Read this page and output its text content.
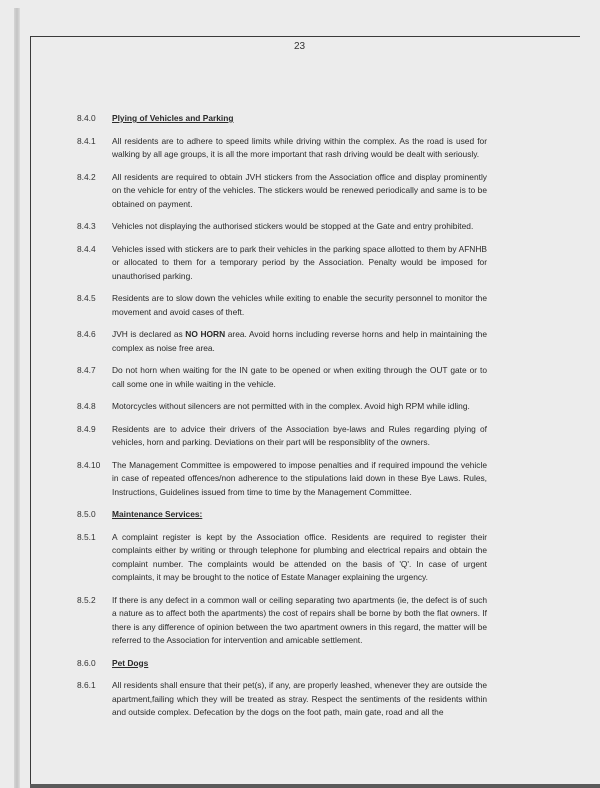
23
8.4.0	Plying of Vehicles and Parking
8.4.1	All residents are to adhere to speed limits while driving within the complex. As the road is used for walking by all age groups, it is all the more important that rash driving would be dealt with seriously.
8.4.2	All residents are required to obtain JVH stickers from the Association office and display prominently on the vehicle for entry of the vehicles. The stickers would be renewed periodically and same is to be obtained on payment.
8.4.3	Vehicles not displaying the authorised stickers would be stopped at the Gate and entry prohibited.
8.4.4	Vehicles issed with stickers are to park their vehicles in the parking space allotted to them by AFNHB or allocated to them for a temporary period by the Association. Penalty would be imposed for unauthorised parking.
8.4.5	Residents are to slow down the vehicles while exiting to enable the security personnel to monitor the movement and avoid cases of theft.
8.4.6	JVH is declared as NO HORN area. Avoid horns including reverse horns and help in maintaining the complex as noise free area.
8.4.7	Do not horn when waiting for the IN gate to be opened or when exiting through the OUT gate or to call some one in while waiting in the vehicle.
8.4.8	Motorcycles without silencers are not permitted with in the complex. Avoid high RPM while idling.
8.4.9	Residents are to advice their drivers of the Association bye-laws and Rules regarding plying of vehicles, horn and parking. Deviations on their part will be responsiblity of the owners.
8.4.10	The Management Committee is empowered to impose penalties and if required impound the vehicle in case of repeated offences/non adherence to the stipulations laid down in these Bye Laws. Rules, Instructions, Guidelines issued from time to time by the Management Committee.
8.5.0	Maintenance Services:
8.5.1	A complaint register is kept by the Association office. Residents are required to register their complaints either by writing or through telephone for plumbing and electrical repairs and obtain the complaint number. The complaints would be attended on the basis of 'Q'. In case of urgent complaints, it may be brought to the notice of Estate Manager explaining the urgency.
8.5.2	If there is any defect in a common wall or ceiling separating two apartments (ie, the defect is of such a nature as to affect both the apartments) the cost of repairs shall be borne by both the flat owners. If there is any difference of opinion between the two apartment owners in this regard, the matter will be referred to the Association for intervention and amicable settlement.
8.6.0	Pet Dogs
8.6.1	All residents shall ensure that their pet(s), if any, are properly leashed, whenever they are outside the apartment,failing which they will be treated as stray. Respect the sentiments of the residents within and outside complex. Defecation by the dogs on the foot path, main gate, road and all the
